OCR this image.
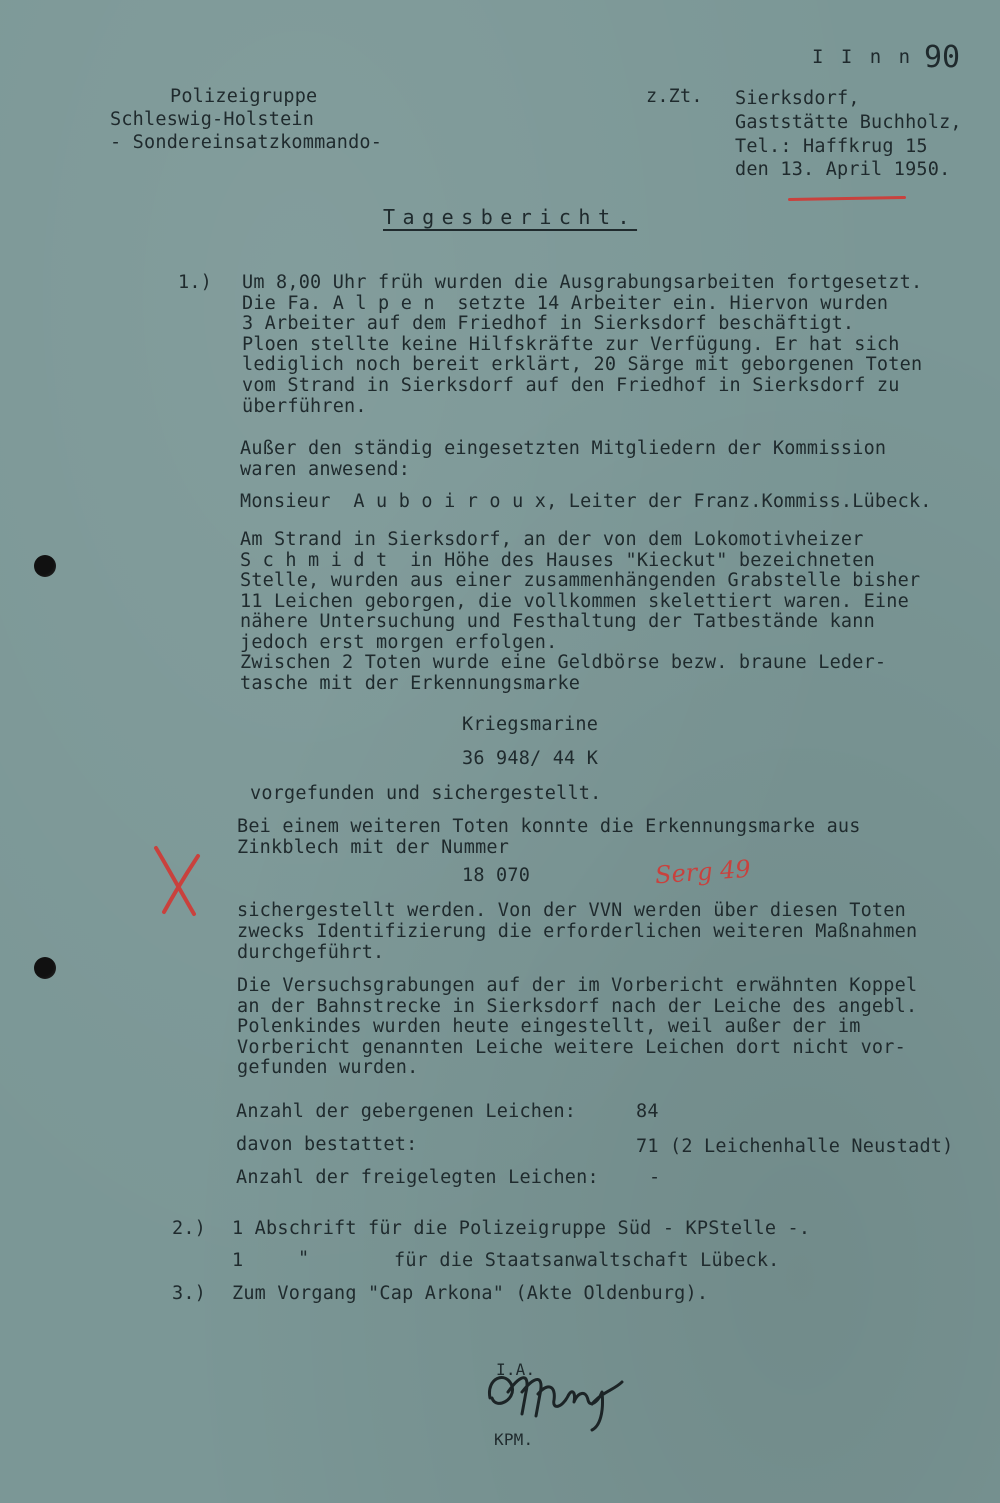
I I n n 90
Polizeigruppe
Schleswig-Holstein
- Sondereinsatzkommando-
z.Zt. Sierksdorf,
Gaststätte Buchholz,
Tel.: Haffkrug 15
den 13. April 1950.
Tagesbericht.
1.) Um 8,00 Uhr früh wurden die Ausgrabungsarbeiten fortgesetzt.
Die Fa. A l p e n  setzte 14 Arbeiter ein. Hiervon wurden
3 Arbeiter auf dem Friedhof in Sierksdorf beschäftigt.
Ploen stellte keine Hilfskräfte zur Verfügung. Er hat sich
lediglich noch bereit erklärt, 20 Särge mit geborgenen Toten
vom Strand in Sierksdorf auf den Friedhof in Sierksdorf zu
überführen.
Außer den ständig eingesetzten Mitgliedern der Kommission
waren anwesend:
Monsieur  A u b o i r o u x, Leiter der Franz.Kommiss.Lübeck.
Am Strand in Sierksdorf, an der von dem Lokomotivheizer
S c h m i d t  in Höhe des Hauses "Kieckut" bezeichneten
Stelle, wurden aus einer zusammenhängenden Grabstelle bisher
11 Leichen geborgen, die vollkommen skelettiert waren. Eine
nähere Untersuchung und Festhaltung der Tatbestände kann
jedoch erst morgen erfolgen.
Zwischen 2 Toten wurde eine Geldbörse bezw. braune Leder-
tasche mit der Erkennungsmarke
Kriegsmarine
36 948/ 44 K
vorgefunden und sichergestellt.
Bei einem weiteren Toten konnte die Erkennungsmarke aus
Zinkblech mit der Nummer
18 070	Serg 49
sichergestellt werden. Von der VVN werden über diesen Toten
zwecks Identifizierung die erforderlichen weiteren Maßnahmen
durchgeführt.
Die Versuchsgrabungen auf der im Vorbericht erwähnten Koppel
an der Bahnstrecke in Sierksdorf nach der Leiche des angebl.
Polenkindes wurden heute eingestellt, weil außer der im
Vorbericht genannten Leiche weitere Leichen dort nicht vor-
gefunden wurden.
Anzahl der gebergenen Leichen:	84
davon bestattet:	71 (2 Leichenhalle Neustadt)
Anzahl der freigelegten Leichen:	-
2.) 1 Abschrift für die Polizeigruppe Süd - KPStelle -.
1	"	für die Staatsanwaltschaft Lübeck.
3.) Zum Vorgang "Cap Arkona" (Akte Oldenburg).
I.A.
KPM.
